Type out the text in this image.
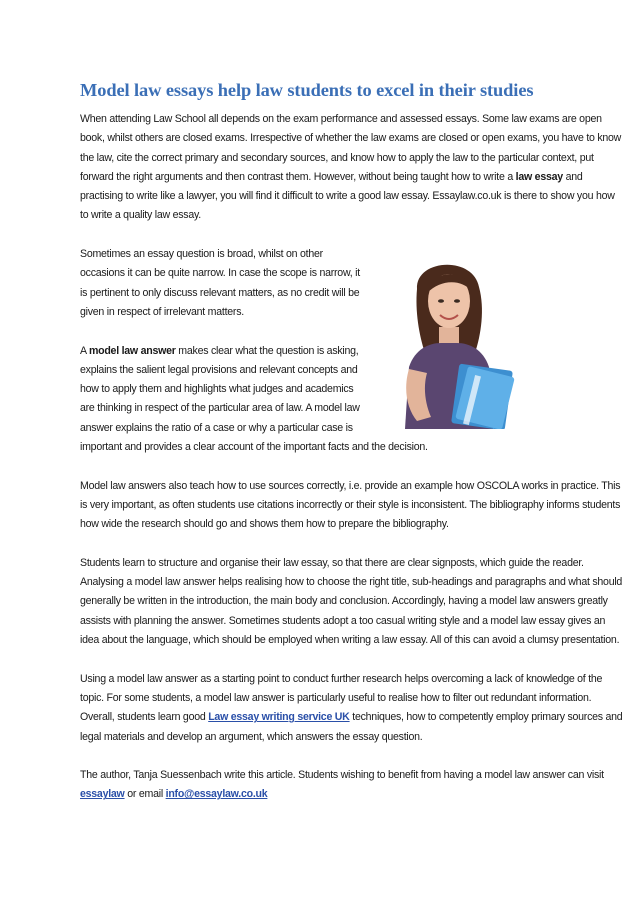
Model law essays help law students to excel in their studies

When attending Law School all depends on the exam performance and assessed essays. Some law exams are open book, whilst others are closed exams. Irrespective of whether the law exams are closed or open exams, you have to know the law, cite the correct primary and secondary sources, and know how to apply the law to the particular context, put forward the right arguments and then contrast them. However, without being taught how to write a law essay and practising to write like a lawyer, you will find it difficult to write a good law essay. Essaylaw.co.uk is there to show you how to write a quality law essay.

Sometimes an essay question is broad, whilst on other occasions it can be quite narrow. In case the scope is narrow, it is pertinent to only discuss relevant matters, as no credit will be given in respect of irrelevant matters.

A model law answer makes clear what the question is asking, explains the salient legal provisions and relevant concepts and how to apply them and highlights what judges and academics are thinking in respect of the particular area of law. A model law answer explains the ratio of a case or why a particular case is important and provides a clear account of the important facts and the decision.

Model law answers also teach how to use sources correctly, i.e. provide an example how OSCOLA works in practice. This is very important, as often students use citations incorrectly or their style is inconsistent. The bibliography informs students how wide the research should go and shows them how to prepare the bibliography.

Students learn to structure and organise their law essay, so that there are clear signposts, which guide the reader. Analysing a model law answer helps realising how to choose the right title, sub-headings and paragraphs and what should generally be written in the introduction, the main body and conclusion. Accordingly, having a model law answers greatly assists with planning the answer. Sometimes students adopt a too casual writing style and a model law essay gives an idea about the language, which should be employed when writing a law essay. All of this can avoid a clumsy presentation.

Using a model law answer as a starting point to conduct further research helps overcoming a lack of knowledge of the topic. For some students, a model law answer is particularly useful to realise how to filter out redundant information. Overall, students learn good Law essay writing service UK techniques, how to competently employ primary sources and legal materials and develop an argument, which answers the essay question.

The author, Tanja Suessenbach write this article. Students wishing to benefit from having a model law answer can visit essaylaw or email info@essaylaw.co.uk
